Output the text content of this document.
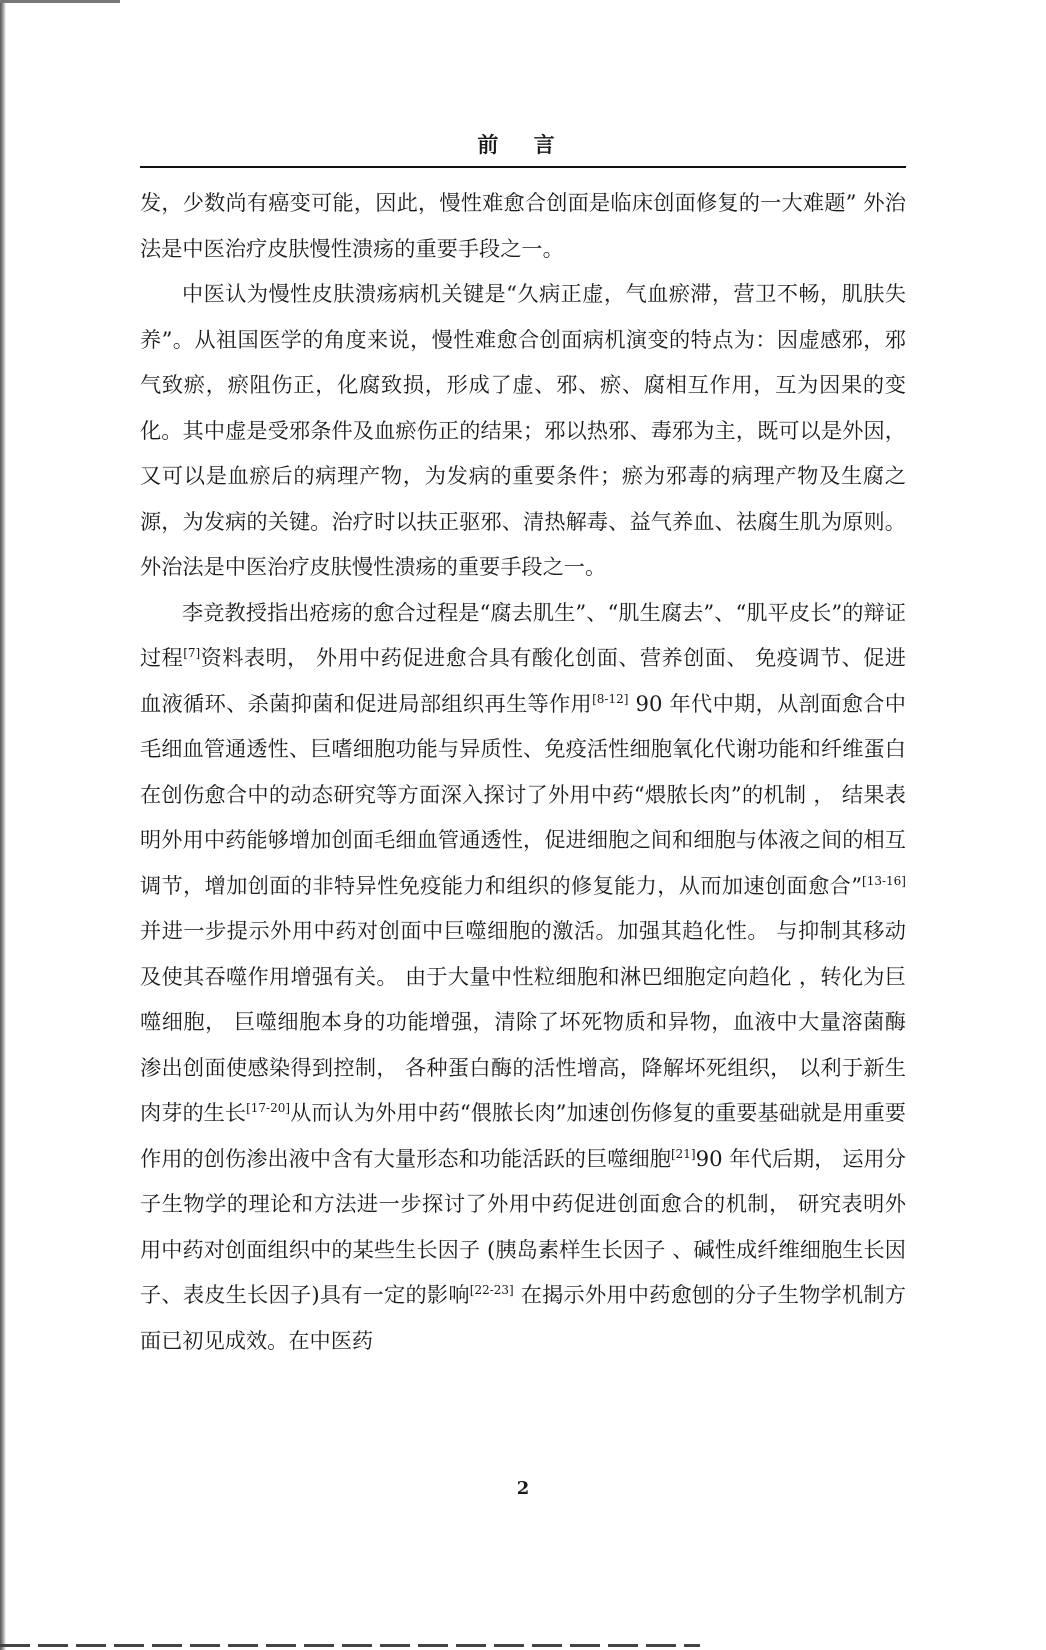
前 言

发，少数尚有癌变可能，因此，慢性难愈合创面是临床创面修复的一大难题” 外治法是中医治疗皮肤慢性溃疡的重要手段之一。

中医认为慢性皮肤溃疡病机关键是“久病正虚，气血瘀滞，营卫不畅，肌肤失养”。从祖国医学的角度来说，慢性难愈合创面病机演变的特点为：因虚感邪，邪气致瘀，瘀阻伤正，化腐致损，形成了虚、邪、瘀、腐相互作用，互为因果的变化。其中虚是受邪条件及血瘀伤正的结果；邪以热邪、毒邪为主，既可以是外因，又可以是血瘀后的病理产物，为发病的重要条件；瘀为邪毒的病理产物及生腐之源，为发病的关键。治疗时以扶正驱邪、清热解毒、益气养血、祛腐生肌为原则。外治法是中医治疗皮肤慢性溃疡的重要手段之一。

李竞教授指出疮疡的愈合过程是“腐去肌生”、“肌生腐去”、“肌平皮长”的辩证过程[7]资料表明， 外用中药促进愈合具有酸化创面、营养创面、 免疫调节、促进血液循环、杀菌抑菌和促进局部组织再生等作用[8-12] 90 年代中期，从剖面愈合中毛细血管通透性、巨嗜细胞功能与异质性、免疫活性细胞氧化代谢功能和纤维蛋白在创伤愈合中的动态研究等方面深入探讨了外用中药“煨脓长肉”的机制 ， 结果表明外用中药能够增加创面毛细血管通透性，促进细胞之间和细胞与体液之间的相互调节，增加创面的非特异性免疫能力和组织的修复能力，从而加速创面愈合”[13-16]并进一步提示外用中药对创面中巨噬细胞的激活。加强其趋化性。 与抑制其移动及使其吞噬作用增强有关。 由于大量中性粒细胞和淋巴细胞定向趋化 ，转化为巨噬细胞， 巨噬细胞本身的功能增强，清除了坏死物质和异物，血液中大量溶菌酶渗出创面使感染得到控制， 各种蛋白酶的活性增高，降解坏死组织， 以利于新生肉芽的生长[17-20]从而认为外用中药“偎脓长肉”加速创伤修复的重要基础就是用重要作用的创伤渗出液中含有大量形态和功能活跃的巨噬细胞[21]90 年代后期， 运用分子生物学的理论和方法进一步探讨了外用中药促进创面愈合的机制， 研究表明外用中药对创面组织中的某些生长因子 (胰岛素样生长因子 、碱性成纤维细胞生长因子、表皮生长因子)具有一定的影响[22-23] 在揭示外用中药愈刨的分子生物学机制方面已初见成效。在中医药

2
